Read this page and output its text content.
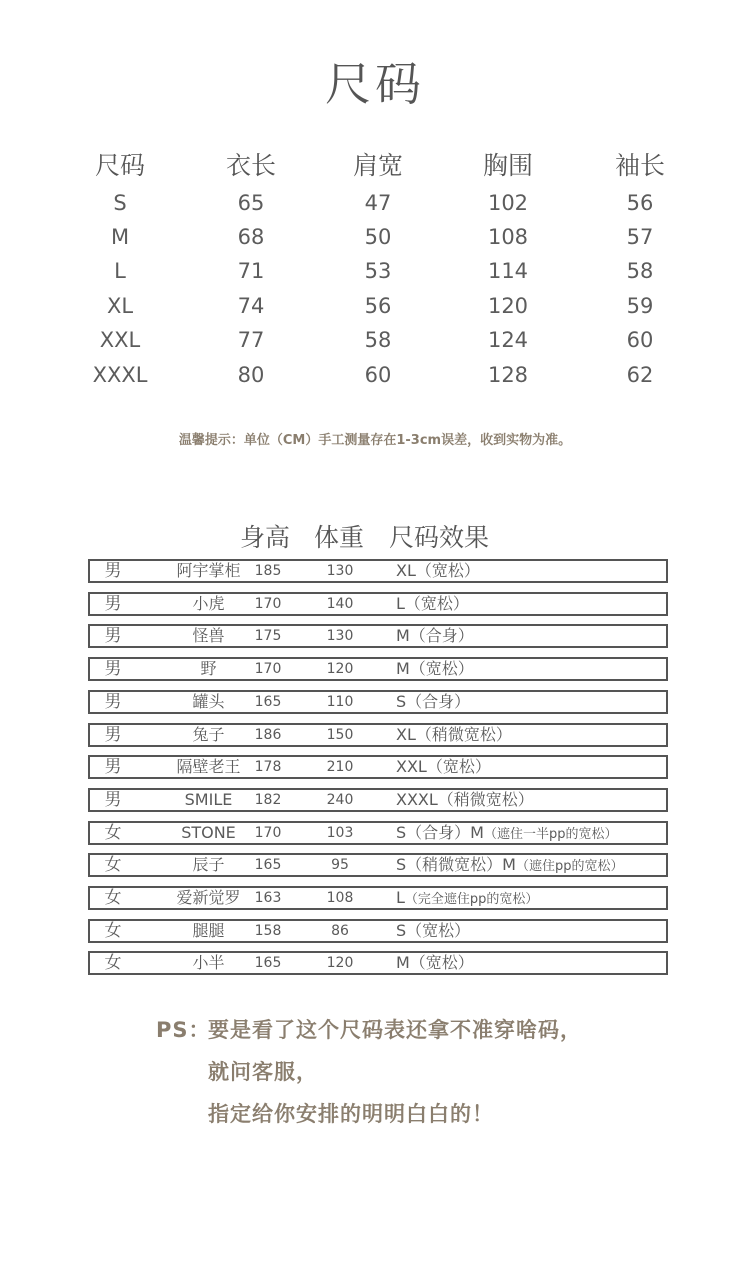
尺码
尺码	衣长	肩宽	胸围	袖长
S	65	47	102	56
M	68	50	108	57
L	71	53	114	58
XL	74	56	120	59
XXL	77	58	124	60
XXXL	80	60	128	62
温馨提示：单位（CM）手工测量存在1-3cm误差，收到实物为准。
身高 体重 尺码效果
男	阿宇掌柜	185	130	XL（宽松）
男	小虎	170	140	L（宽松）
男	怪兽	175	130	M（合身）
男	野	170	120	M（宽松）
男	罐头	165	110	S（合身）
男	兔子	186	150	XL（稍微宽松）
男	隔壁老王	178	210	XXL（宽松）
男	SMILE	182	240	XXXL（稍微宽松）
女	STONE	170	103	S（合身）M（遮住一半pp的宽松）
女	辰子	165	95	S（稍微宽松）M（遮住pp的宽松）
女	爱新觉罗	163	108	L（完全遮住pp的宽松）
女	腿腿	158	86	S（宽松）
女	小半	165	120	M（宽松）
PS：
要是看了这个尺码表还拿不准穿啥码，
就问客服，
指定给你安排的明明白白的！
